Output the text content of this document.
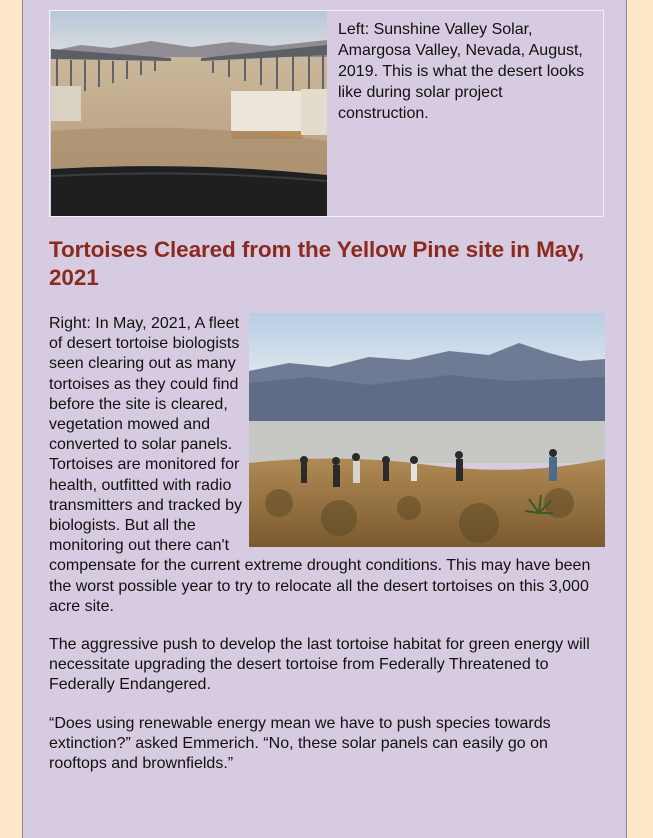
Left: Sunshine Valley Solar, Amargosa Valley, Nevada, August, 2019. This is what the desert looks like during solar project construction.

Tortoises Cleared from the Yellow Pine site in May, 2021

Right: In May, 2021, A fleet of desert tortoise biologists seen clearing out as many tortoises as they could find before the site is cleared, vegetation mowed and converted to solar panels. Tortoises are monitored for health, outfitted with radio transmitters and tracked by biologists. But all the monitoring out there can't compensate for the current extreme drought conditions. This may have been the worst possible year to try to relocate all the desert tortoises on this 3,000 acre site.

The aggressive push to develop the last tortoise habitat for green energy will necessitate upgrading the desert tortoise from Federally Threatened to Federally Endangered.

“Does using renewable energy mean we have to push species towards extinction?” asked Emmerich. “No, these solar panels can easily go on rooftops and brownfields.”
